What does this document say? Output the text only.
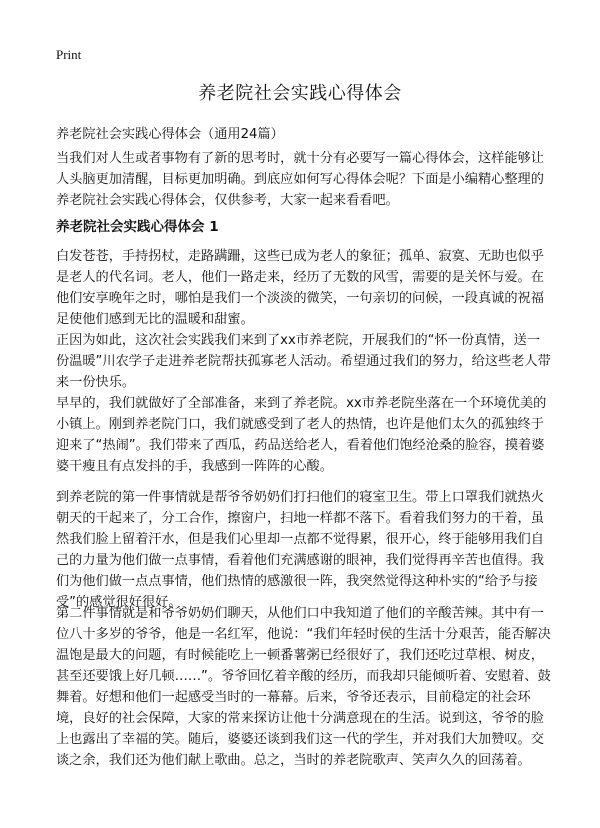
Print
养老院社会实践心得体会

养老院社会实践心得体会（通用24篇）

当我们对人生或者事物有了新的思考时，就十分有必要写一篇心得体会，这样能够让人头脑更加清醒，目标更加明确。到底应如何写心得体会呢？下面是小编精心整理的养老院社会实践心得体会，仅供参考，大家一起来看看吧。

养老院社会实践心得体会 1

白发苍苍，手持拐杖，走路蹒跚，这些已成为老人的象征；孤单、寂寞、无助也似乎是老人的代名词。老人，他们一路走来，经历了无数的风雪，需要的是关怀与爱。在他们安享晚年之时，哪怕是我们一个淡淡的微笑，一句亲切的问候，一段真诚的祝福足使他们感到无比的温暖和甜蜜。

正因为如此，这次社会实践我们来到了xx市养老院，开展我们的“怀一份真情，送一份温暖”川农学子走进养老院帮扶孤寡老人活动。希望通过我们的努力，给这些老人带来一份快乐。

早早的，我们就做好了全部准备，来到了养老院。xx市养老院坐落在一个环境优美的小镇上。刚到养老院门口，我们就感受到了老人的热情，也许是他们太久的孤独终于迎来了“热闹”。我们带来了西瓜，药品送给老人，看着他们饱经沧桑的脸容，摸着婆婆干瘦且有点发抖的手，我感到一阵阵的心酸。

到养老院的第一件事情就是帮爷爷奶奶们打扫他们的寝室卫生。带上口罩我们就热火朝天的干起来了，分工合作，擦窗户，扫地一样都不落下。看着我们努力的干着，虽然我们脸上留着汗水，但是我们心里却一点都不觉得累，很开心，终于能够用我们自己的力量为他们做一点事情，看着他们充满感谢的眼神，我们觉得再辛苦也值得。我们为他们做一点点事情，他们热情的感激很一阵，我突然觉得这种朴实的“给予与接受”的感觉很好很好。

第二件事情就是和爷爷奶奶们聊天，从他们口中我知道了他们的辛酸苦辣。其中有一位八十多岁的爷爷，他是一名红军，他说：“我们年轻时侯的生活十分艰苦，能否解决温饱是最大的问题，有时候能吃上一顿番薯粥已经很好了，我们还吃过草根、树皮，甚至还要饿上好几顿……”。爷爷回忆着辛酸的经历，而我却只能倾听着、安慰着、鼓舞着。好想和他们一起感受当时的一幕幕。后来，爷爷还表示，目前稳定的社会环境，良好的社会保障，大家的常来探访让他十分满意现在的生活。说到这，爷爷的脸上也露出了幸福的笑。随后，婆婆还谈到我们这一代的学生，并对我们大加赞叹。交谈之余，我们还为他们献上歌曲。总之，当时的养老院歌声、笑声久久的回荡着。
